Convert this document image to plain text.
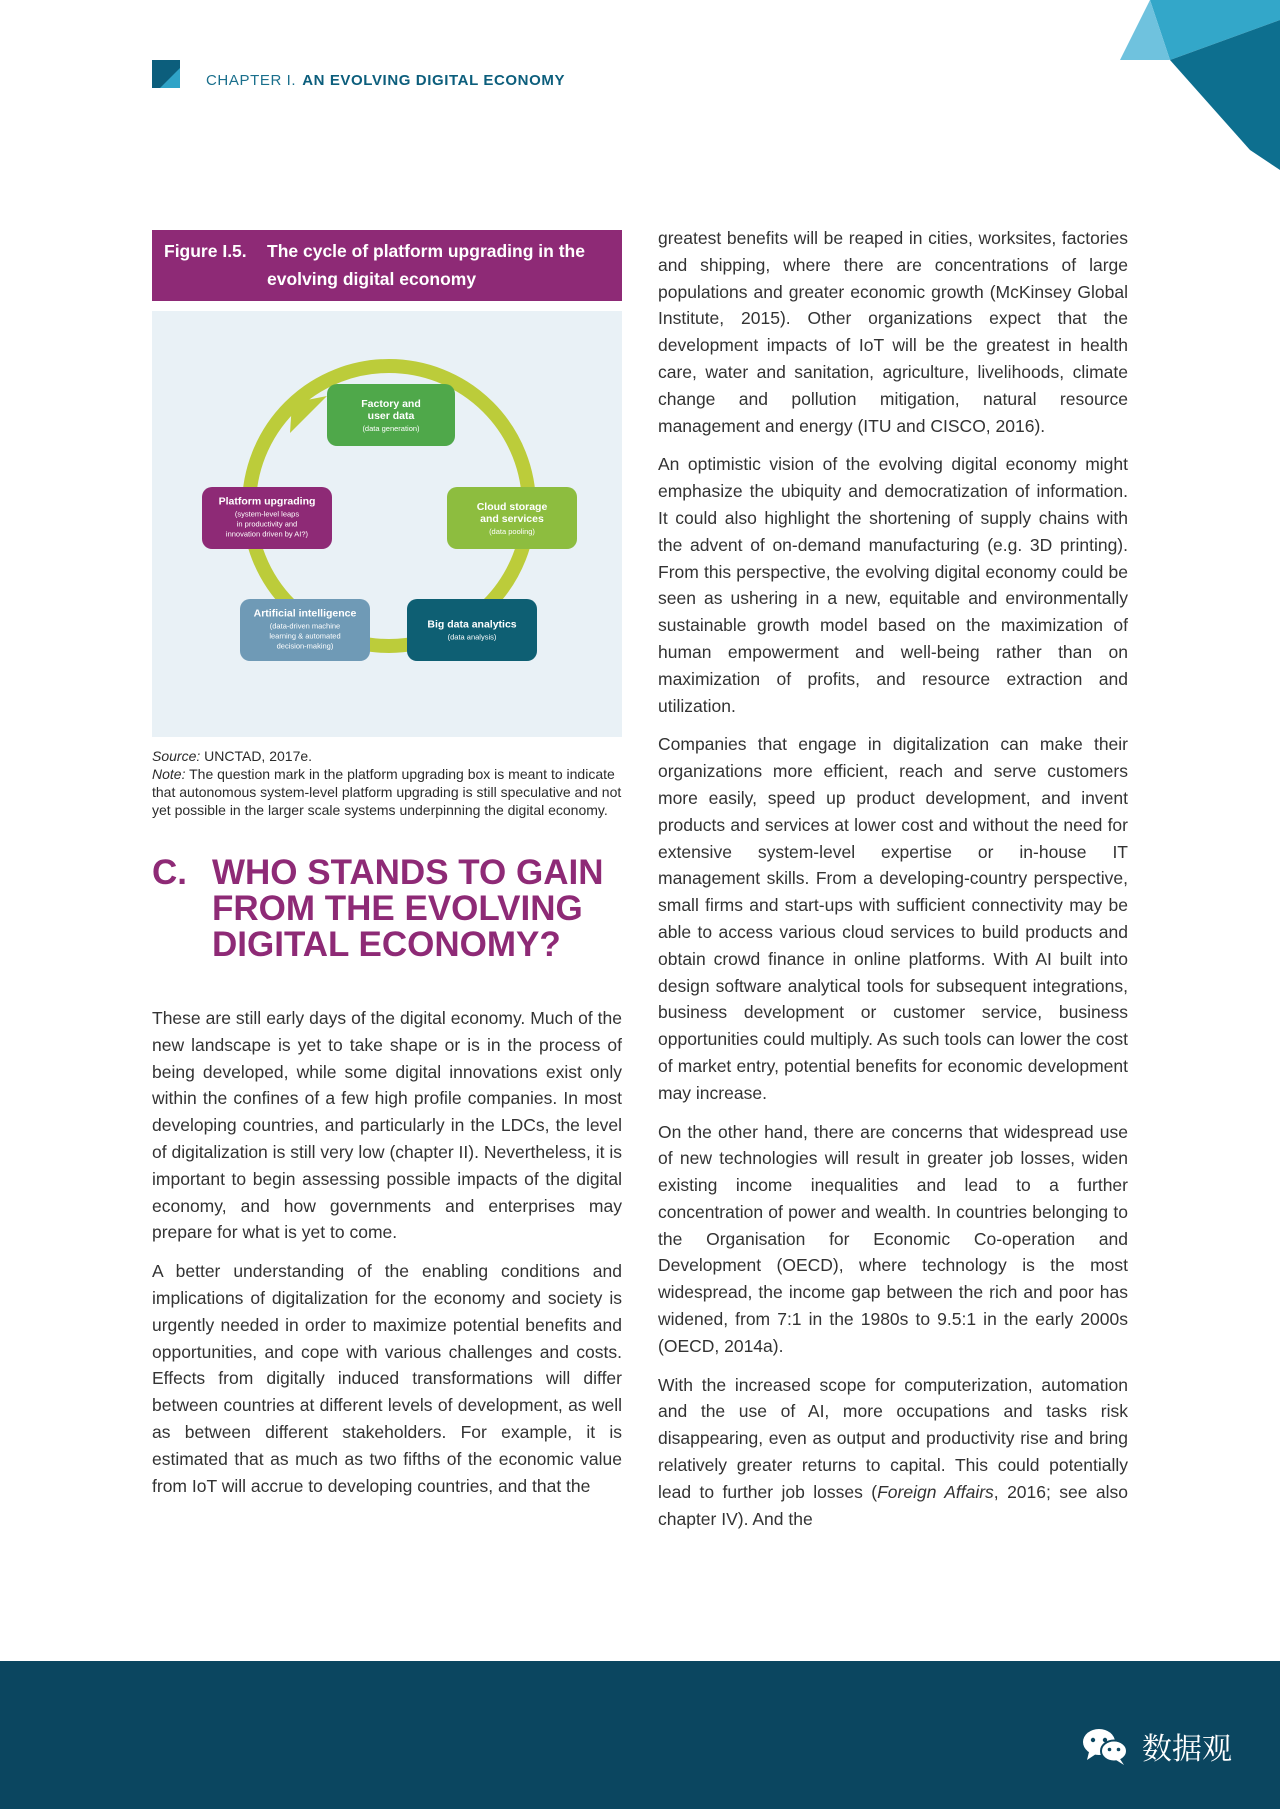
CHAPTER I. AN EVOLVING DIGITAL ECONOMY
Figure I.5.	The cycle of platform upgrading in the evolving digital economy
Factory and
user data
(data generation)
Cloud storage
and services
(data pooling)
Big data analytics
(data analysis)
Artificial intelligence
(data-driven machine
learning & automated
decision-making)
Platform upgrading
(system-level leaps
in productivity and
innovation driven by AI?)
Source: UNCTAD, 2017e.
Note: The question mark in the platform upgrading box is meant to indicate that autonomous system-level platform upgrading is still speculative and not yet possible in the larger scale systems underpinning the digital economy.
C. WHO STANDS TO GAIN FROM THE EVOLVING DIGITAL ECONOMY?

These are still early days of the digital economy. Much of the new landscape is yet to take shape or is in the process of being developed, while some digital innovations exist only within the confines of a few high profile companies. In most developing countries, and particularly in the LDCs, the level of digitalization is still very low (chapter II). Nevertheless, it is important to begin assessing possible impacts of the digital economy, and how governments and enterprises may prepare for what is yet to come.

A better understanding of the enabling conditions and implications of digitalization for the economy and society is urgently needed in order to maximize potential benefits and opportunities, and cope with various challenges and costs. Effects from digitally induced transformations will differ between countries at different levels of development, as well as between different stakeholders. For example, it is estimated that as much as two fifths of the economic value from IoT will accrue to developing countries, and that the

greatest benefits will be reaped in cities, worksites, factories and shipping, where there are concentrations of large populations and greater economic growth (McKinsey Global Institute, 2015). Other organizations expect that the development impacts of IoT will be the greatest in health care, water and sanitation, agriculture, livelihoods, climate change and pollution mitigation, natural resource management and energy (ITU and CISCO, 2016).

An optimistic vision of the evolving digital economy might emphasize the ubiquity and democratization of information. It could also highlight the shortening of supply chains with the advent of on-demand manufacturing (e.g. 3D printing). From this perspective, the evolving digital economy could be seen as ushering in a new, equitable and environmentally sustainable growth model based on the maximization of human empowerment and well-being rather than on maximization of profits, and resource extraction and utilization.

Companies that engage in digitalization can make their organizations more efficient, reach and serve customers more easily, speed up product development, and invent products and services at lower cost and without the need for extensive system-level expertise or in-house IT management skills. From a developing-country perspective, small firms and start-ups with sufficient connectivity may be able to access various cloud services to build products and obtain crowd finance in online platforms. With AI built into design software analytical tools for subsequent integrations, business development or customer service, business opportunities could multiply. As such tools can lower the cost of market entry, potential benefits for economic development may increase.

On the other hand, there are concerns that widespread use of new technologies will result in greater job losses, widen existing income inequalities and lead to a further concentration of power and wealth. In countries belonging to the Organisation for Economic Co-operation and Development (OECD), where technology is the most widespread, the income gap between the rich and poor has widened, from 7:1 in the 1980s to 9.5:1 in the early 2000s (OECD, 2014a).

With the increased scope for computerization, automation and the use of AI, more occupations and tasks risk disappearing, even as output and productivity rise and bring relatively greater returns to capital. This could potentially lead to further job losses (Foreign Affairs, 2016; see also chapter IV). And the

数据观
